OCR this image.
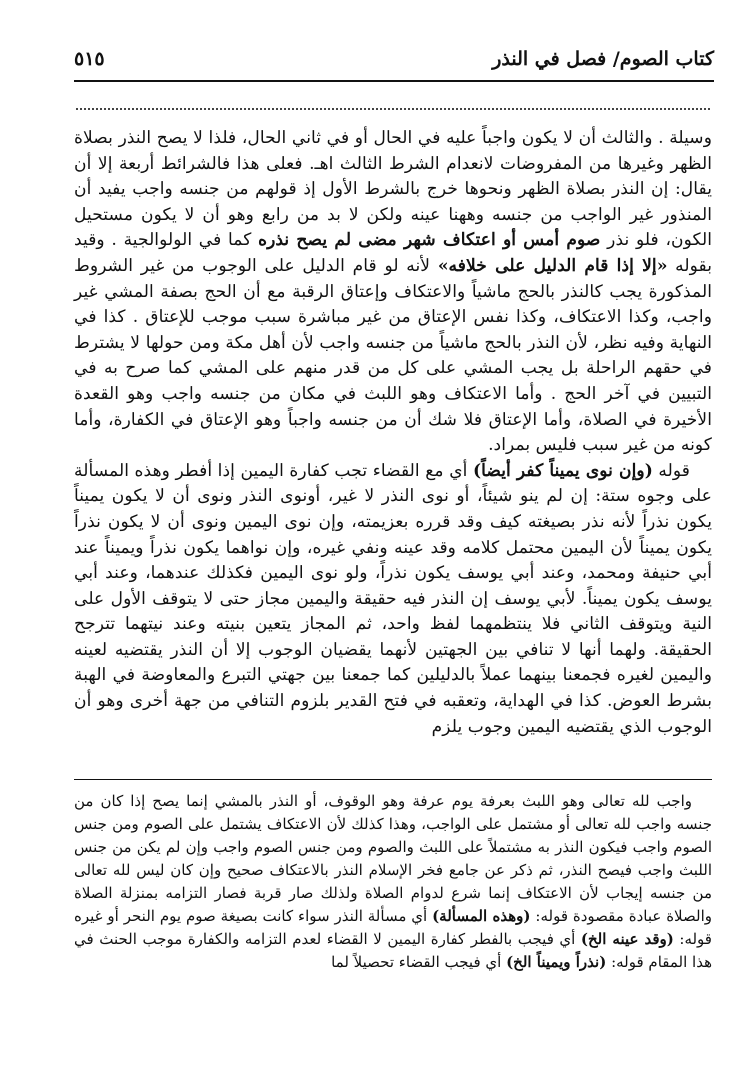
كتاب الصوم/ فصل في النذر
٥١٥

وسيلة . والثالث أن لا يكون واجباً عليه في الحال أو في ثاني الحال، فلذا لا يصح النذر بصلاة الظهر وغيرها من المفروضات لانعدام الشرط الثالث اهـ. فعلى هذا فالشرائط أربعة إلا أن يقال: إن النذر بصلاة الظهر ونحوها خرج بالشرط الأول إذ قولهم من جنسه واجب يفيد أن المنذور غير الواجب من جنسه وههنا عينه ولكن لا بد من رابع وهو أن لا يكون مستحيل الكون، فلو نذر صوم أمس أو اعتكاف شهر مضى لم يصح نذره كما في الولوالجية . وقيد بقوله «إلا إذا قام الدليل على خلافه» لأنه لو قام الدليل على الوجوب من غير الشروط المذكورة يجب كالنذر بالحج ماشياً والاعتكاف وإعتاق الرقبة مع أن الحج بصفة المشي غير واجب، وكذا الاعتكاف، وكذا نفس الإعتاق من غير مباشرة سبب موجب للإعتاق . كذا في النهاية وفيه نظر، لأن النذر بالحج ماشياً من جنسه واجب لأن أهل مكة ومن حولها لا يشترط في حقهم الراحلة بل يجب المشي على كل من قدر منهم على المشي كما صرح به في التبيين في آخر الحج . وأما الاعتكاف وهو اللبث في مكان من جنسه واجب وهو القعدة الأخيرة في الصلاة، وأما الإعتاق فلا شك أن من جنسه واجباً وهو الإعتاق في الكفارة، وأما كونه من غير سبب فليس بمراد.

قوله (وإن نوى يميناً كفر أيضاً) أي مع القضاء تجب كفارة اليمين إذا أفطر وهذه المسألة على وجوه ستة: إن لم ينو شيئاً، أو نوى النذر لا غير، أونوى النذر ونوى أن لا يكون يميناً يكون نذراً لأنه نذر بصيغته كيف وقد قرره بعزيمته، وإن نوى اليمين ونوى أن لا يكون نذراً يكون يميناً لأن اليمين محتمل كلامه وقد عينه ونفي غيره، وإن نواهما يكون نذراً ويميناً عند أبي حنيفة ومحمد، وعند أبي يوسف يكون نذراً، ولو نوى اليمين فكذلك عندهما، وعند أبي يوسف يكون يميناً. لأبي يوسف إن النذر فيه حقيقة واليمين مجاز حتى لا يتوقف الأول على النية ويتوقف الثاني فلا ينتظمهما لفظ واحد، ثم المجاز يتعين بنيته وعند نيتهما تترجح الحقيقة. ولهما أنها لا تنافي بين الجهتين لأنهما يقضيان الوجوب إلا أن النذر يقتضيه لعينه واليمين لغيره فجمعنا بينهما عملاً بالدليلين كما جمعنا بين جهتي التبرع والمعاوضة في الهبة بشرط العوض. كذا في الهداية، وتعقبه في فتح القدير بلزوم التنافي من جهة أخرى وهو أن الوجوب الذي يقتضيه اليمين وجوب يلزم

واجب لله تعالى وهو اللبث بعرفة يوم عرفة وهو الوقوف، أو النذر بالمشي إنما يصح إذا كان من جنسه واجب لله تعالى أو مشتمل على الواجب، وهذا كذلك لأن الاعتكاف يشتمل على الصوم ومن جنس الصوم واجب فيكون النذر به مشتملاً على اللبث والصوم ومن جنس الصوم واجب وإن لم يكن من جنس اللبث واجب فيصح النذر، ثم ذكر عن جامع فخر الإسلام النذر بالاعتكاف صحيح وإن كان ليس لله تعالى من جنسه إيجاب لأن الاعتكاف إنما شرع لدوام الصلاة ولذلك صار قربة فصار التزامه بمنزلة الصلاة والصلاة عبادة مقصودة قوله: (وهذه المسألة) أي مسألة النذر سواء كانت بصيغة صوم يوم النحر أو غيره قوله: (وقد عينه الخ) أي فيجب بالفطر كفارة اليمين لا القضاء لعدم التزامه والكفارة موجب الحنث في هذا المقام قوله: (نذراً ويميناً الخ) أي فيجب القضاء تحصيلاً لما
